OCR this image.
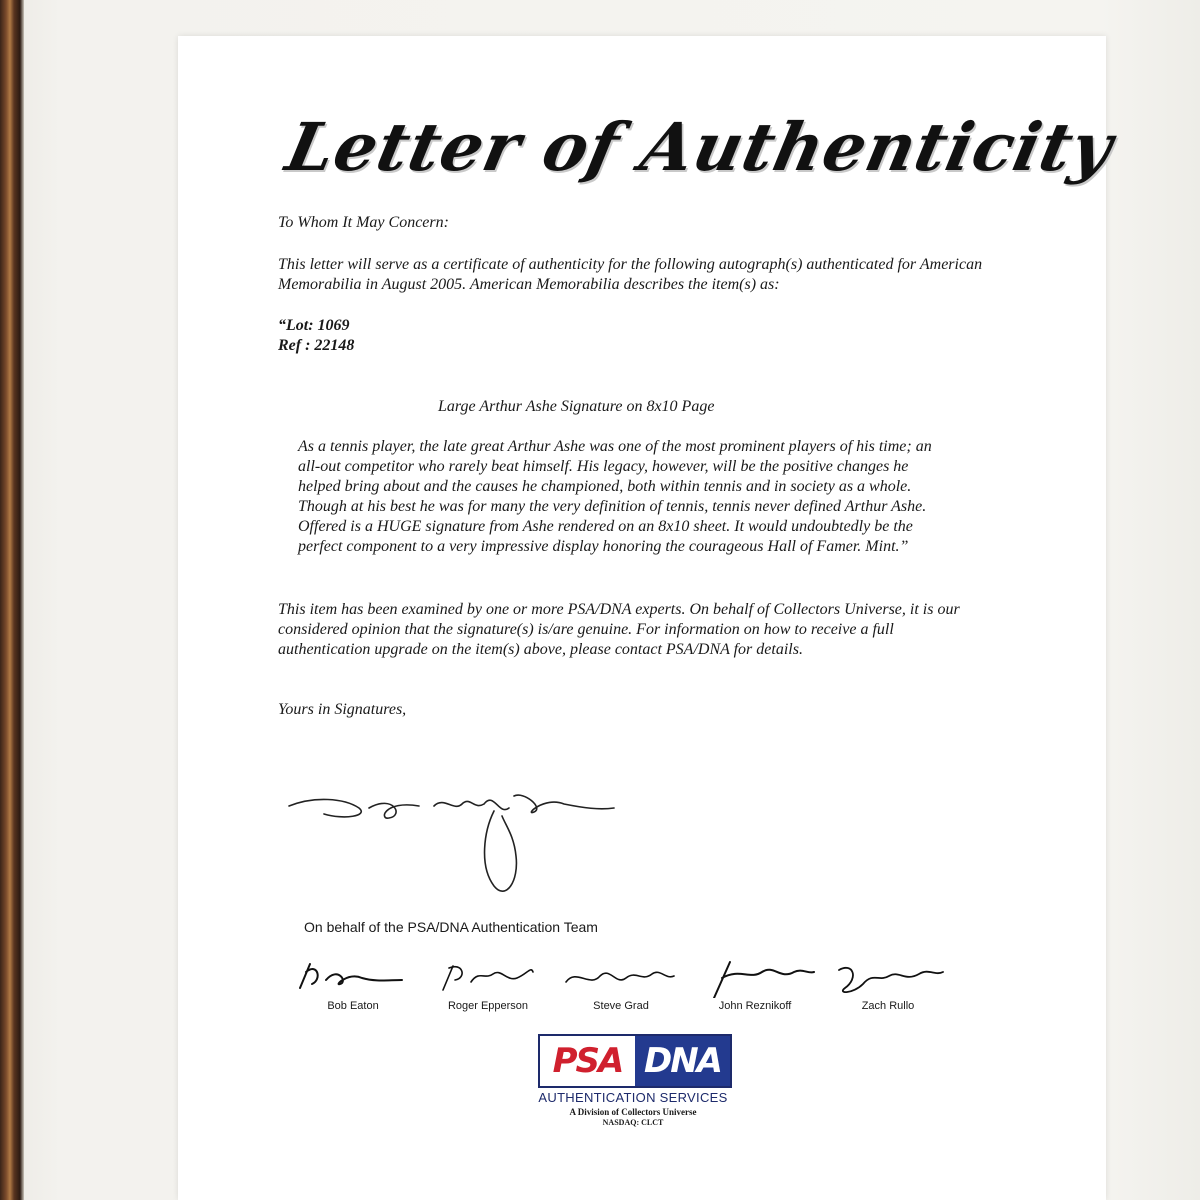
Letter of Authenticity

To Whom It May Concern:

This letter will serve as a certificate of authenticity for the following autograph(s) authenticated for American Memorabilia in August 2005. American Memorabilia describes the item(s) as:

“Lot: 1069

Ref : 22148

Large Arthur Ashe Signature on 8x10 Page

As a tennis player, the late great Arthur Ashe was one of the most prominent players of his time; an all-out competitor who rarely beat himself. His legacy, however, will be the positive changes he helped bring about and the causes he championed, both within tennis and in society as a whole. Though at his best he was for many the very definition of tennis, tennis never defined Arthur Ashe. Offered is a HUGE signature from Ashe rendered on an 8x10 sheet. It would undoubtedly be the perfect component to a very impressive display honoring the courageous Hall of Famer. Mint.”

This item has been examined by one or more PSA/DNA experts. On behalf of Collectors Universe, it is our considered opinion that the signature(s) is/are genuine. For information on how to receive a full authentication upgrade on the item(s) above, please contact PSA/DNA for details.

Yours in Signatures,

On behalf of the PSA/DNA Authentication Team
Bob Eaton	Roger Epperson	Steve Grad	John Reznikoff	Zach Rullo
PSA DNA
AUTHENTICATION SERVICES
A Division of Collectors Universe
NASDAQ: CLCT
